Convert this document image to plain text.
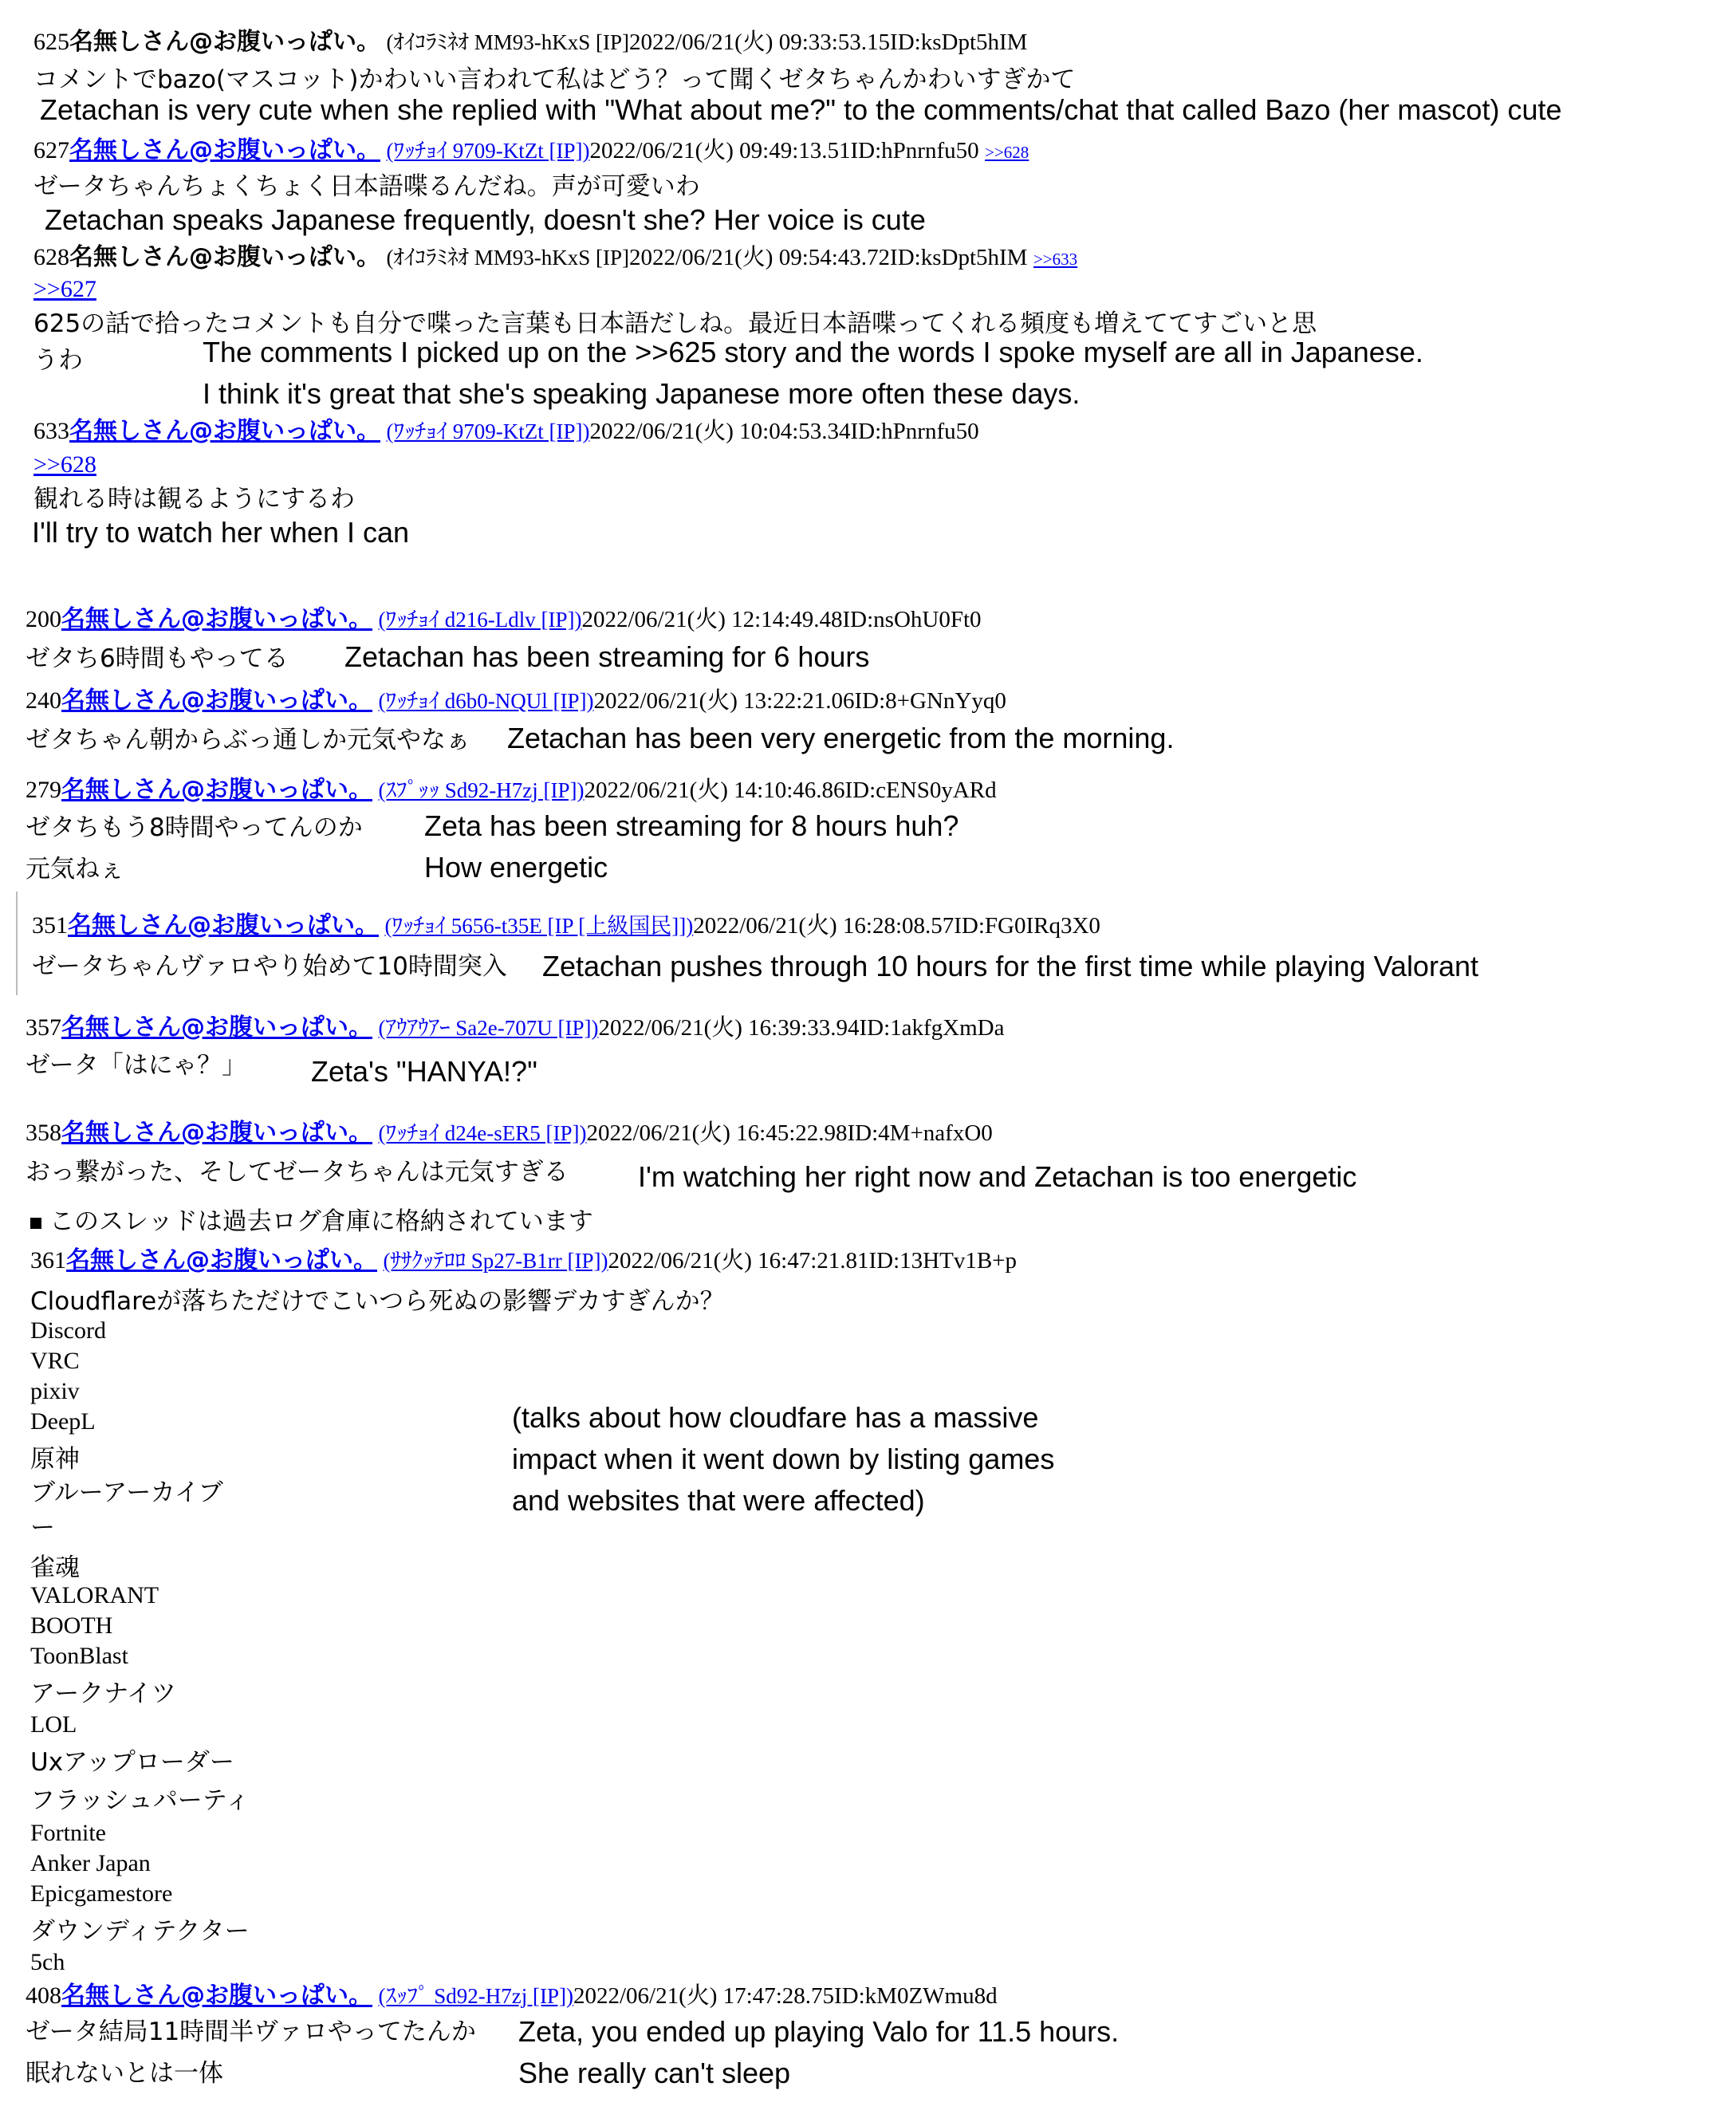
625名無しさん@お腹いっぱい。 (ｵｲｺﾗﾐﾈｵ MM93-hKxS [IP]2022/06/21(火) 09:33:53.15ID:ksDpt5hIM
コメントでbazo(マスコット)かわいい言われて私はどう？って聞くゼタちゃんかわいすぎかて
Zetachan is very cute when she replied with "What about me?" to the comments/chat that called Bazo (her mascot) cute
627名無しさん@お腹いっぱい。 (ﾜｯﾁｮｲ 9709-KtZt [IP])2022/06/21(火) 09:49:13.51ID:hPnrnfu50 >>628
ゼータちゃんちょくちょく日本語喋るんだね。声が可愛いわ
Zetachan speaks Japanese frequently, doesn't she? Her voice is cute
628名無しさん@お腹いっぱい。 (ｵｲｺﾗﾐﾈｵ MM93-hKxS [IP]2022/06/21(火) 09:54:43.72ID:ksDpt5hIM >>633
>>627
625の話で拾ったコメントも自分で喋った言葉も日本語だしね。最近日本語喋ってくれる頻度も増えててすごいと思
うわ	The comments I picked up on the >>625 story and the words I spoke myself are all in Japanese.
I think it's great that she's speaking Japanese more often these days.
633名無しさん@お腹いっぱい。 (ﾜｯﾁｮｲ 9709-KtZt [IP])2022/06/21(火) 10:04:53.34ID:hPnrnfu50
>>628
観れる時は観るようにするわ
I'll try to watch her when I can
200名無しさん@お腹いっぱい。 (ﾜｯﾁｮｲ d216-Ldlv [IP])2022/06/21(火) 12:14:49.48ID:nsOhU0Ft0
ゼタち6時間もやってる Zetachan has been streaming for 6 hours
240名無しさん@お腹いっぱい。 (ﾜｯﾁｮｲ d6b0-NQUl [IP])2022/06/21(火) 13:22:21.06ID:8+GNnYyq0
ゼタちゃん朝からぶっ通しか元気やなぁ Zetachan has been very energetic from the morning.
279名無しさん@お腹いっぱい。 (ｽﾌﾟｯｯ Sd92-H7zj [IP])2022/06/21(火) 14:10:46.86ID:cENS0yARd
ゼタちもう8時間やってんのか
元気ねぇ
Zeta has been streaming for 8 hours huh?
How energetic
351名無しさん@お腹いっぱい。 (ﾜｯﾁｮｲ 5656-t35E [IP [上級国民]])2022/06/21(火) 16:28:08.57ID:FG0IRq3X0
ゼータちゃんヴァロやり始めて10時間突入 Zetachan pushes through 10 hours for the first time while playing Valorant
357名無しさん@お腹いっぱい。 (ｱｳｱｳｱｰ Sa2e-707U [IP])2022/06/21(火) 16:39:33.94ID:1akfgXmDa
ゼータ「はにゃ？」 Zeta's "HANYA!?"
358名無しさん@お腹いっぱい。 (ﾜｯﾁｮｲ d24e-sER5 [IP])2022/06/21(火) 16:45:22.98ID:4M+nafxO0
おっ繋がった、そしてゼータちゃんは元気すぎる I'm watching her right now and Zetachan is too energetic
このスレッドは過去ログ倉庫に格納されています
361名無しさん@お腹いっぱい。 (ｻｻｸｯﾃﾛﾛ Sp27-B1rr [IP])2022/06/21(火) 16:47:21.81ID:13HTv1B+p
Cloudflareが落ちただけでこいつら死ぬの影響デカすぎんか？
Discord
VRC
pixiv
DeepL
原神
ブルーアーカイブ
ー
雀魂
VALORANT
BOOTH
ToonBlast
アークナイツ
LOL
Uxアップローダー
フラッシュパーティ
Fortnite
Anker Japan
Epicgamestore
ダウンディテクター
5ch
(talks about how cloudfare has a massive
impact when it went down by listing games
and websites that were affected)
408名無しさん@お腹いっぱい。 (ｽｯﾌﾟ Sd92-H7zj [IP])2022/06/21(火) 17:47:28.75ID:kM0ZWmu8d
ゼータ結局11時間半ヴァロやってたんか
眠れないとは一体
Zeta, you ended up playing Valo for 11.5 hours.
She really can't sleep
